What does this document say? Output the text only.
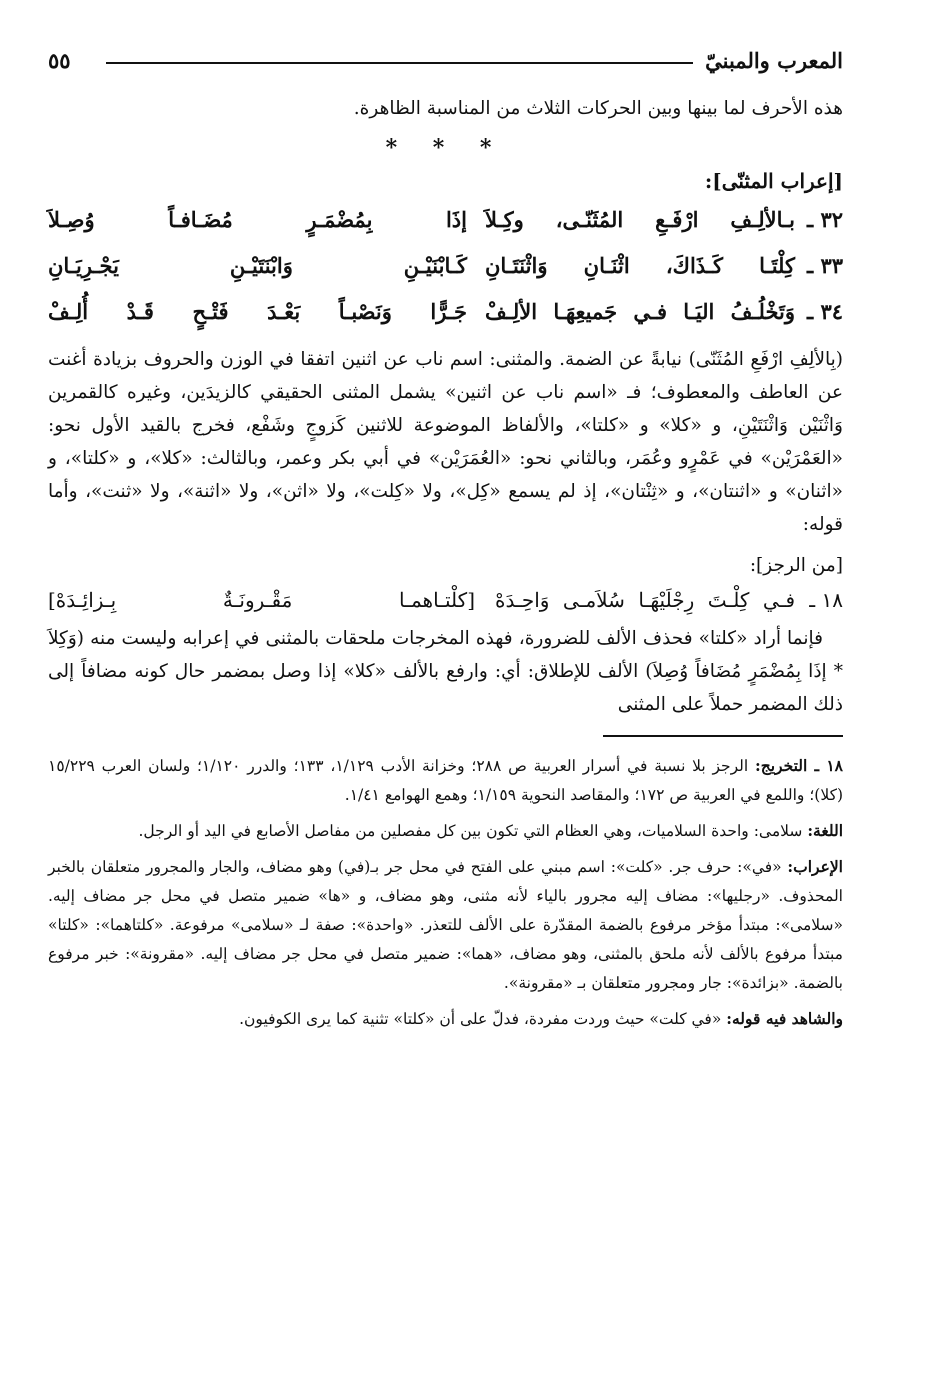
المعرب والمبنيّ
٥٥

هذه الأحرف لما بينها وبين الحركات الثلاث من المناسبة الظاهرة.

* * *
[إعراب المثنّى]:
٣٢ ـ
بـالألِـفِ ارْفَـعِ المُثَنّـى، وكِـلاَ
إذَا بِمُضْمَـرٍ مُضَـافـاً وُصِـلاَ
٣٣ ـ
كِلْتَـا كَـذَاكَ، اثْنَـانِ وَاثْنَتَـانِ
كَـابْنَيْـنِ وَابْنَتَيْـنِ يَجْـرِيَـانِ
٣٤ ـ
وَتَخْلُـفُ اليَـا فـي جَميعِهَـا الألِـفْ
جَـرًّا وَنَصْبـاً بَعْـدَ فَتْـحٍ قَـدْ أُلِـفْ

(بِالألِفِ ارْفَعِ المُثَنّى) نيابةً عن الضمة. والمثنى: اسم ناب عن اثنين اتفقا في الوزن والحروف بزيادة أغنت عن العاطف والمعطوف؛ فـ «اسم ناب عن اثنين» يشمل المثنى الحقيقي كالزيدَين، وغيره كالقمرين وَاثْنَيْن وَاثْنَتَيْنِ، و «كلا» و «كلتا»، والألفاظ الموضوعة للاثنين كَزوجٍ وشَفْع، فخرج بالقيد الأول نحو: «العَمْرَيْن» في عَمْرٍو وعُمَر، وبالثاني نحو: «العُمَرَيْن» في أبي بكر وعمر، وبالثالث: «كلا»، و «كلتا»، و «اثنان» و «اثنتان»، و «ثِنْتان»، إذ لم يسمع «كِل»، ولا «كِلت»، ولا «اثن»، ولا «اثنة»، ولا «ثنت»، وأما قوله:

[من الرجز]:
١٨ ـ
فـي كِلْـتَ رِجْلَيْهَـا سُلاَمـى وَاحِـدَهْ
[كلْتـاهمـا مَقْـرونَـةٌ بِـزائِـدَهْ]

فإنما أراد «كلتا» فحذف الألف للضرورة، فهذه المخرجات ملحقات بالمثنى في إعرابه وليست منه (وَكِلاَ * إذَا بِمُضْمَرٍ مُضَافاً وُصِلاَ) الألف للإطلاق: أي: وارفع بالألف «كلا» إذا وصل بمضمر حال كونه مضافاً إلى ذلك المضمر حملاً على المثنى

١٨ ـ التخريج: الرجز بلا نسبة في أسرار العربية ص ٢٨٨؛ وخزانة الأدب ١/١٢٩، ١٣٣؛ والدرر ١/١٢٠؛ ولسان العرب ١٥/٢٢٩ (كلا)؛ واللمع في العربية ص ١٧٢؛ والمقاصد النحوية ١/١٥٩؛ وهمع الهوامع ١/٤١.

اللغة: سلامى: واحدة السلاميات، وهي العظام التي تكون بين كل مفصلين من مفاصل الأصابع في اليد أو الرجل.

الإعراب: «في»: حرف جر. «كلت»: اسم مبني على الفتح في محل جر بـ(في) وهو مضاف، والجار والمجرور متعلقان بالخبر المحذوف. «رجليها»: مضاف إليه مجرور بالياء لأنه مثنى، وهو مضاف، و «ها» ضمير متصل في محل جر مضاف إليه. «سلامى»: مبتدأ مؤخر مرفوع بالضمة المقدّرة على الألف للتعذر. «واحدة»: صفة لـ «سلامى» مرفوعة. «كلتاهما»: «كلتا» مبتدأ مرفوع بالألف لأنه ملحق بالمثنى، وهو مضاف، «هما»: ضمير متصل في محل جر مضاف إليه. «مقرونة»: خبر مرفوع بالضمة. «بزائدة»: جار ومجرور متعلقان بـ «مقرونة».

والشاهد فيه قوله: «في كلت» حيث وردت مفردة، فدلّ على أن «كلتا» تثنية كما يرى الكوفيون.
